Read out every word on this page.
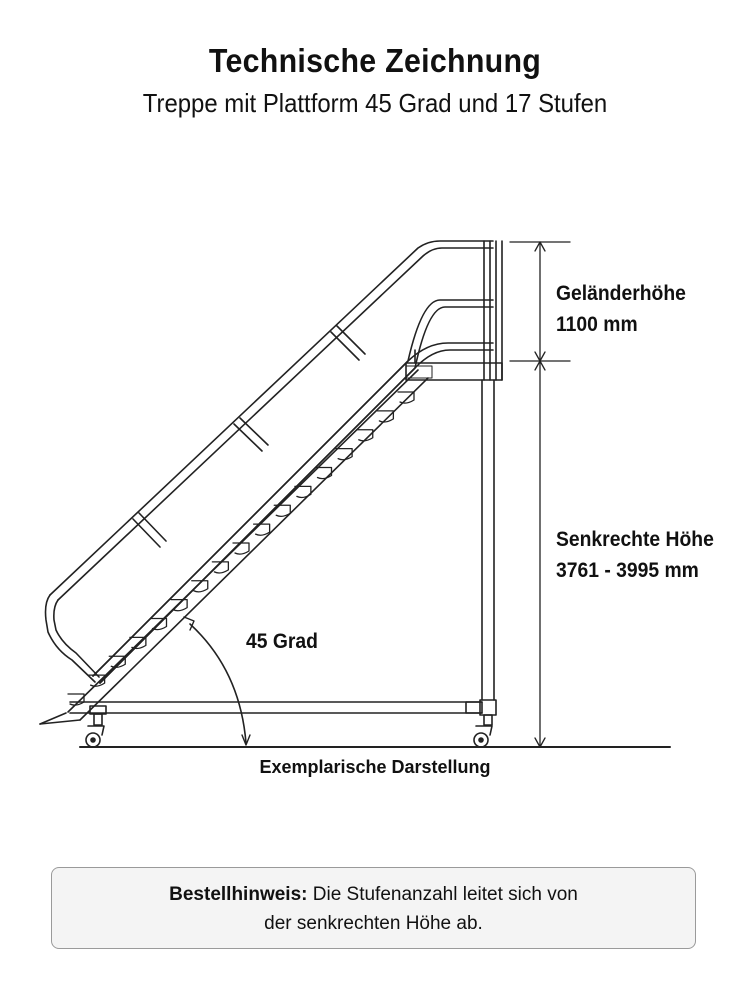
Technische Zeichnung
Treppe mit Plattform 45 Grad und 17 Stufen
Geländerhöhe
1100 mm
Senkrechte Höhe
3761 - 3995 mm
45 Grad
Exemplarische Darstellung
Bestellhinweis: Die Stufenanzahl leitet sich von
der senkrechten Höhe ab.
